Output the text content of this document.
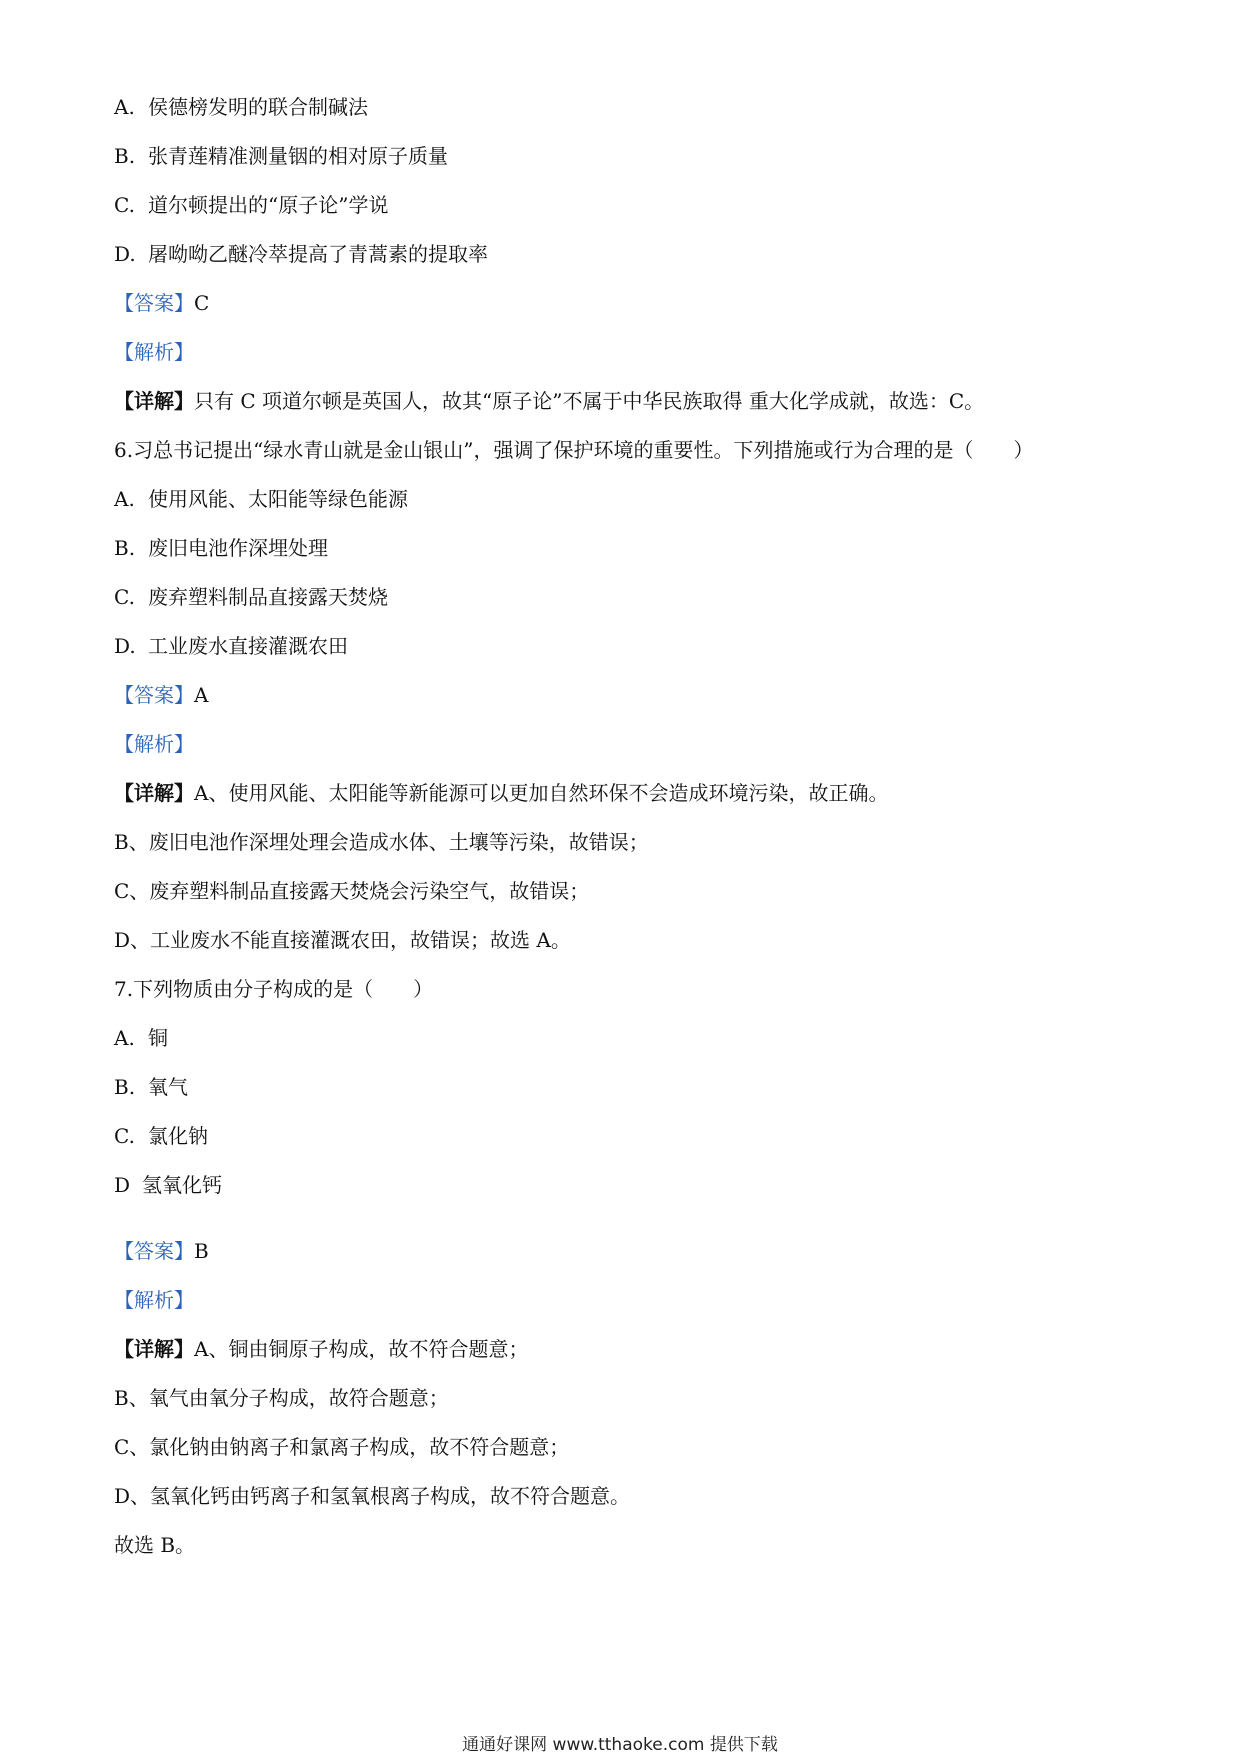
A. 侯德榜发明的联合制碱法
B. 张青莲精准测量铟的相对原子质量
C. 道尔顿提出的“原子论”学说
D. 屠呦呦乙醚冷萃提高了青蒿素的提取率
【答案】C
【解析】
【详解】只有 C 项道尔顿是英国人，故其“原子论”不属于中华民族取得 重大化学成就，故选：C。
6.习总书记提出“绿水青山就是金山银山”，强调了保护环境的重要性。下列措施或行为合理的是（　　）
A. 使用风能、太阳能等绿色能源
B. 废旧电池作深埋处理
C. 废弃塑料制品直接露天焚烧
D. 工业废水直接灌溉农田
【答案】A
【解析】
【详解】A、使用风能、太阳能等新能源可以更加自然环保不会造成环境污染，故正确。
B、废旧电池作深埋处理会造成水体、土壤等污染，故错误；
C、废弃塑料制品直接露天焚烧会污染空气，故错误；
D、工业废水不能直接灌溉农田，故错误；故选 A。
7.下列物质由分子构成的是（　　）
A. 铜
B. 氧气
C. 氯化钠
D 氢氧化钙
【答案】B
【解析】
【详解】A、铜由铜原子构成，故不符合题意；
B、氧气由氧分子构成，故符合题意；
C、氯化钠由钠离子和氯离子构成，故不符合题意；
D、氢氧化钙由钙离子和氢氧根离子构成，故不符合题意。
故选 B。
通通好课网 www.tthaoke.com 提供下载
